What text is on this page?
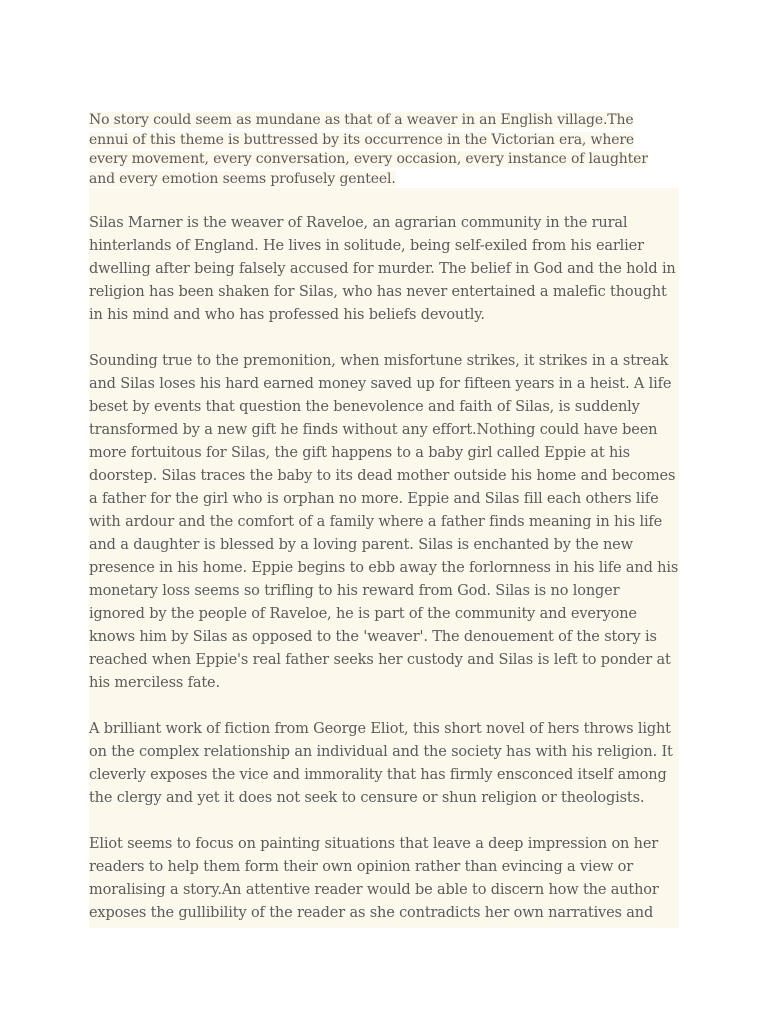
No story could seem as mundane as that of a weaver in an English village.The
ennui of this theme is buttressed by its occurrence in the Victorian era, where
every movement, every conversation, every occasion, every instance of laughter
and every emotion seems profusely genteel.

Silas Marner is the weaver of Raveloe, an agrarian community in the rural hinterlands of England. He lives in solitude, being self-exiled from his earlier dwelling after being falsely accused for murder. The belief in God and the hold in religion has been shaken for Silas, who has never entertained a malefic thought in his mind and who has professed his beliefs devoutly.

Sounding true to the premonition, when misfortune strikes, it strikes in a streak and Silas loses his hard earned money saved up for fifteen years in a heist. A life beset by events that question the benevolence and faith of Silas, is suddenly transformed by a new gift he finds without any effort.Nothing could have been more fortuitous for Silas, the gift happens to a baby girl called Eppie at his doorstep. Silas traces the baby to its dead mother outside his home and becomes a father for the girl who is orphan no more. Eppie and Silas fill each others life with ardour and the comfort of a family where a father finds meaning in his life and a daughter is blessed by a loving parent. Silas is enchanted by the new presence in his home. Eppie begins to ebb away the forlornness in his life and his monetary loss seems so trifling to his reward from God. Silas is no longer ignored by the people of Raveloe, he is part of the community and everyone knows him by Silas as opposed to the 'weaver'. The denouement of the story is reached when Eppie's real father seeks her custody and Silas is left to ponder at his merciless fate.

A brilliant work of fiction from George Eliot, this short novel of hers throws light on the complex relationship an individual and the society has with his religion. It cleverly exposes the vice and immorality that has firmly ensconced itself among the clergy and yet it does not seek to censure or shun religion or theologists.

Eliot seems to focus on painting situations that leave a deep impression on her readers to help them form their own opinion rather than evincing a view or moralising a story.An attentive reader would be able to discern how the author exposes the gullibility of the reader as she contradicts her own narratives and
